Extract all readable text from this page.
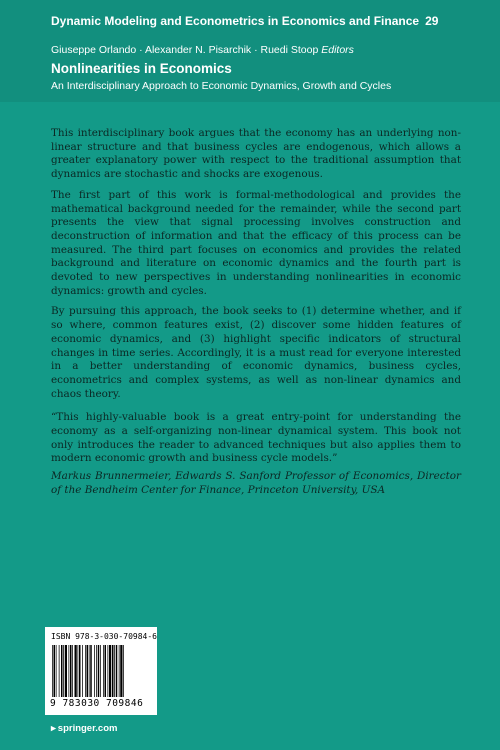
Dynamic Modeling and Econometrics in Economics and Finance 29
Giuseppe Orlando · Alexander N. Pisarchik · Ruedi Stoop Editors
Nonlinearities in Economics
An Interdisciplinary Approach to Economic Dynamics, Growth and Cycles

This interdisciplinary book argues that the economy has an underlying non-linear structure and that business cycles are endogenous, which allows a greater explanatory power with respect to the traditional assumption that dynamics are stochastic and shocks are exogenous.

The first part of this work is formal-methodological and provides the mathematical background needed for the remainder, while the second part presents the view that signal processing involves construction and deconstruction of information and that the efficacy of this process can be measured. The third part focuses on economics and provides the related background and literature on economic dynamics and the fourth part is devoted to new perspectives in understanding nonlinearities in economic dynamics: growth and cycles.

By pursuing this approach, the book seeks to (1) determine whether, and if so where, common features exist, (2) discover some hidden features of economic dynamics, and (3) highlight specific indicators of structural changes in time series. Accordingly, it is a must read for everyone interested in a better understanding of economic dynamics, business cycles, econometrics and complex systems, as well as non-linear dynamics and chaos theory.

“This highly-valuable book is a great entry-point for understanding the economy as a self-organizing non-linear dynamical system. This book not only introduces the reader to advanced techniques but also applies them to modern economic growth and business cycle models.”

Markus Brunnermeier, Edwards S. Sanford Professor of Economics, Director of the Bendheim Center for Finance, Princeton University, USA

ISBN 978-3-030-70984-6
9 783030 709846
▸ springer.com
